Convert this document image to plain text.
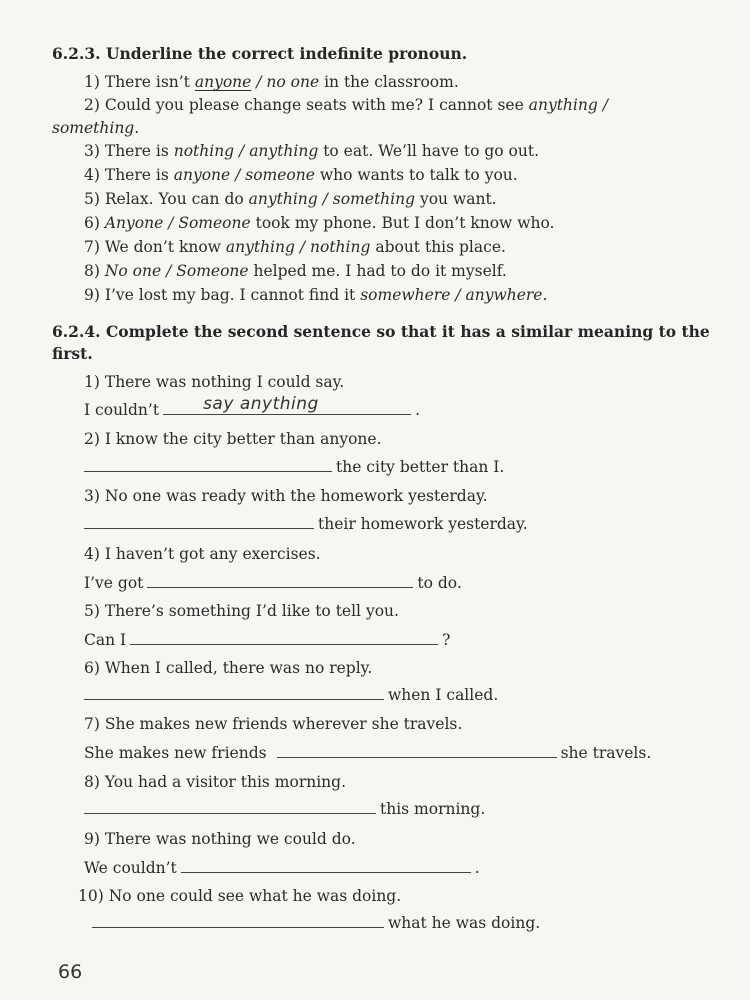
6.2.3. Underline the correct indefinite pronoun.
1) There isn’t anyone / no one in the classroom.
2) Could you please change seats with me? I cannot see anything /
something.
3) There is nothing / anything to eat. We’ll have to go out.
4) There is anyone / someone who wants to talk to you.
5) Relax. You can do anything / something you want.
6) Anyone / Someone took my phone. But I don’t know who.
7) We don’t know anything / nothing about this place.
8) No one / Someone helped me. I had to do it myself.
9) I’ve lost my bag. I cannot find it somewhere / anywhere.
6.2.4. Complete the second sentence so that it has a similar meaning to the
first.
1) There was nothing I could say.
I couldn’t	say anything	.
2) I know the city better than anyone.
the city better than I.
3) No one was ready with the homework yesterday.
their homework yesterday.
4) I haven’t got any exercises.
I’ve got	to do.
5) There’s something I’d like to tell you.
Can I	?
6) When I called, there was no reply.
when I called.
7) She makes new friends wherever she travels.
She makes new friends	she travels.
8) You had a visitor this morning.
this morning.
9) There was nothing we could do.
We couldn’t	.
10) No one could see what he was doing.
what he was doing.
66
